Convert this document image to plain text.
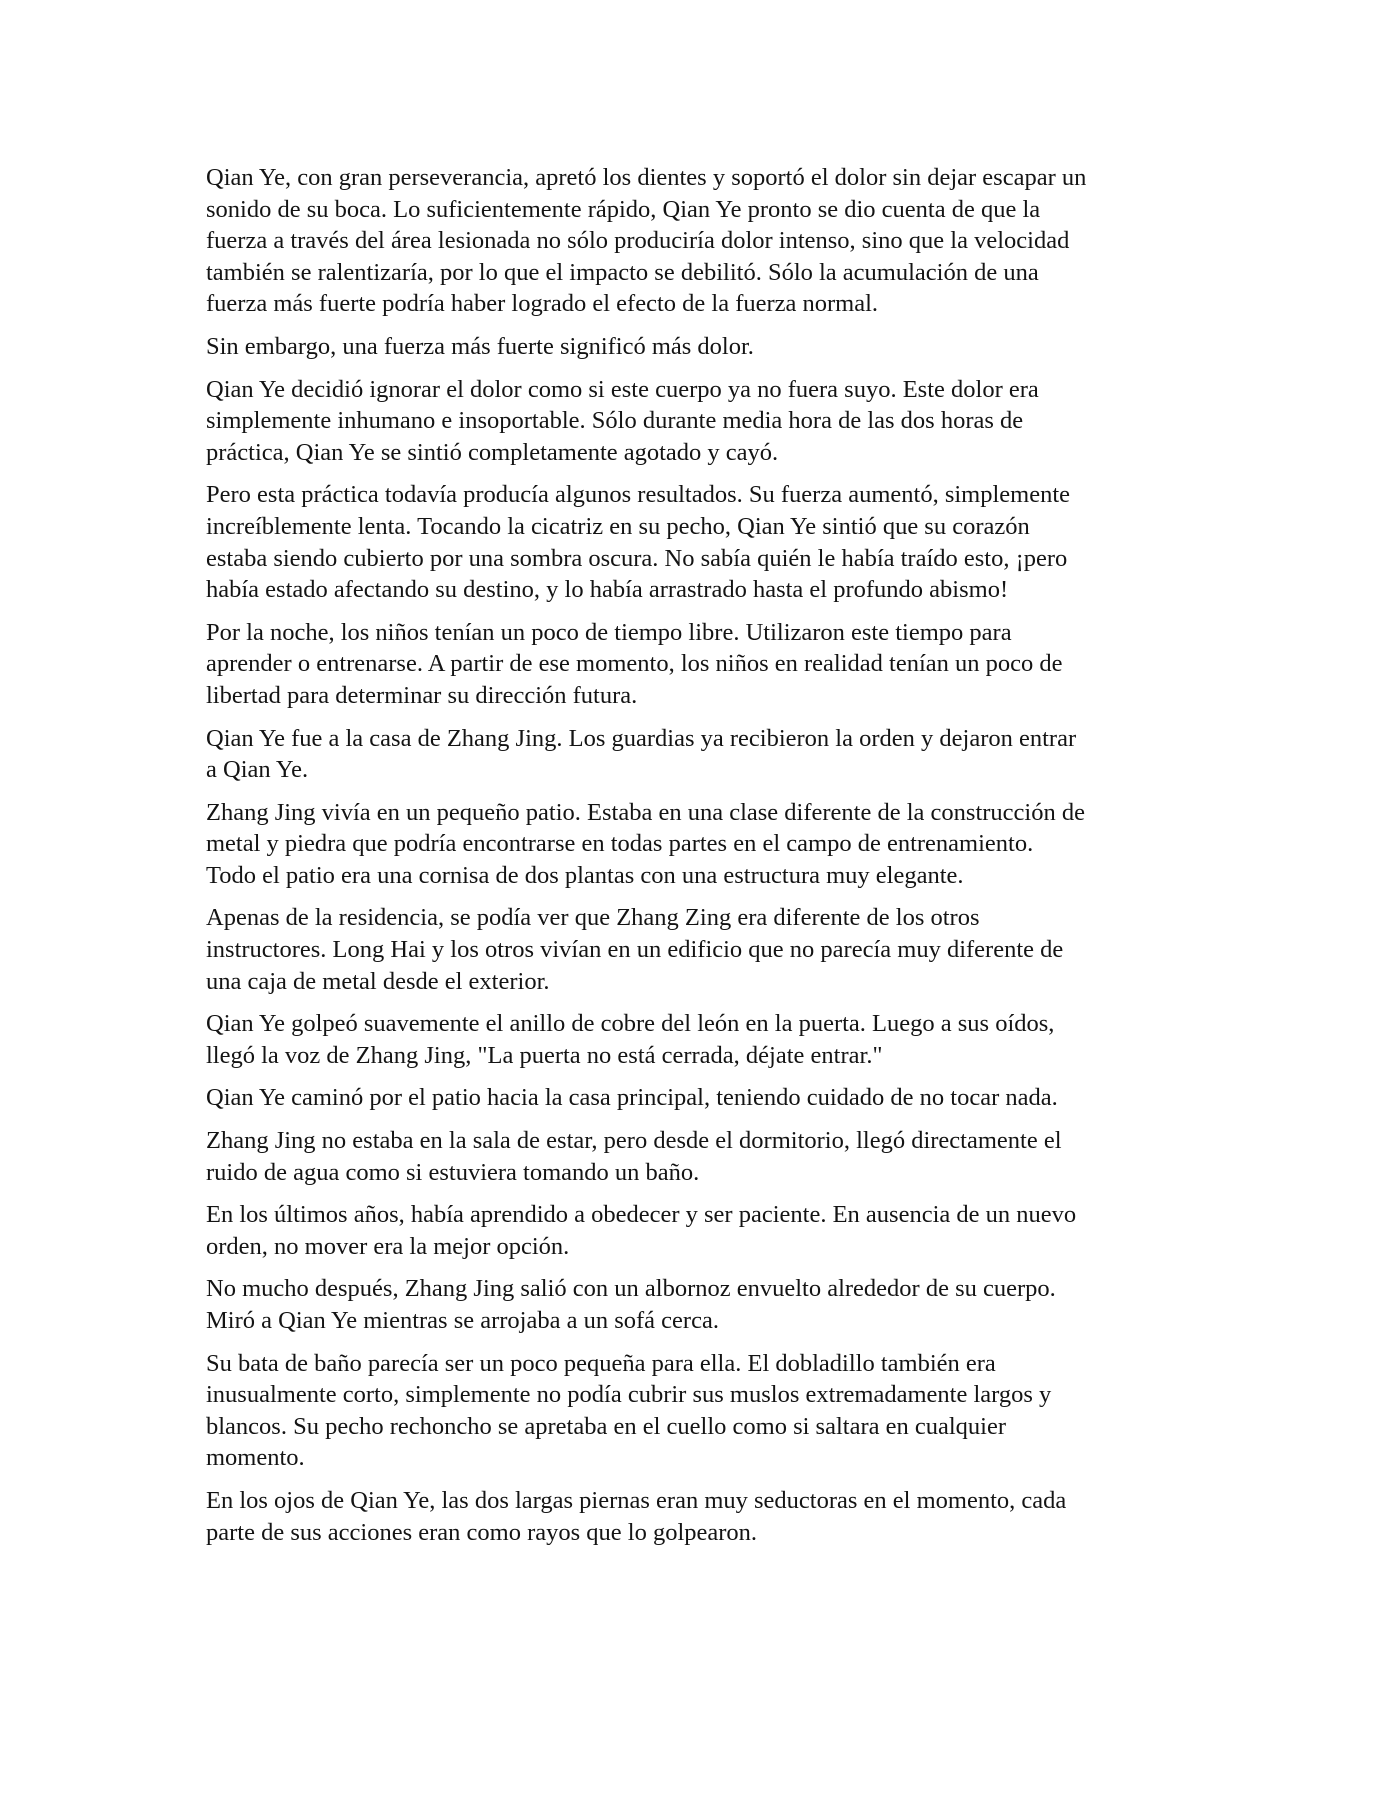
Qian Ye, con gran perseverancia, apretó los dientes y soportó el dolor sin dejar escapar un
sonido de su boca. Lo suficientemente rápido, Qian Ye pronto se dio cuenta de que la
fuerza a través del área lesionada no sólo produciría dolor intenso, sino que la velocidad
también se ralentizaría, por lo que el impacto se debilitó. Sólo la acumulación de una
fuerza más fuerte podría haber logrado el efecto de la fuerza normal.

Sin embargo, una fuerza más fuerte significó más dolor.

Qian Ye decidió ignorar el dolor como si este cuerpo ya no fuera suyo. Este dolor era
simplemente inhumano e insoportable. Sólo durante media hora de las dos horas de
práctica, Qian Ye se sintió completamente agotado y cayó.

Pero esta práctica todavía producía algunos resultados. Su fuerza aumentó, simplemente
increíblemente lenta. Tocando la cicatriz en su pecho, Qian Ye sintió que su corazón
estaba siendo cubierto por una sombra oscura. No sabía quién le había traído esto, ¡pero
había estado afectando su destino, y lo había arrastrado hasta el profundo abismo!

Por la noche, los niños tenían un poco de tiempo libre. Utilizaron este tiempo para
aprender o entrenarse. A partir de ese momento, los niños en realidad tenían un poco de
libertad para determinar su dirección futura.

Qian Ye fue a la casa de Zhang Jing. Los guardias ya recibieron la orden y dejaron entrar
a Qian Ye.

Zhang Jing vivía en un pequeño patio. Estaba en una clase diferente de la construcción de
metal y piedra que podría encontrarse en todas partes en el campo de entrenamiento.
Todo el patio era una cornisa de dos plantas con una estructura muy elegante.

Apenas de la residencia, se podía ver que Zhang Zing era diferente de los otros
instructores. Long Hai y los otros vivían en un edificio que no parecía muy diferente de
una caja de metal desde el exterior.

Qian Ye golpeó suavemente el anillo de cobre del león en la puerta. Luego a sus oídos,
llegó la voz de Zhang Jing, "La puerta no está cerrada, déjate entrar."

Qian Ye caminó por el patio hacia la casa principal, teniendo cuidado de no tocar nada.

Zhang Jing no estaba en la sala de estar, pero desde el dormitorio, llegó directamente el
ruido de agua como si estuviera tomando un baño.

En los últimos años, había aprendido a obedecer y ser paciente. En ausencia de un nuevo
orden, no mover era la mejor opción.

No mucho después, Zhang Jing salió con un albornoz envuelto alrededor de su cuerpo.
Miró a Qian Ye mientras se arrojaba a un sofá cerca.

Su bata de baño parecía ser un poco pequeña para ella. El dobladillo también era
inusualmente corto, simplemente no podía cubrir sus muslos extremadamente largos y
blancos. Su pecho rechoncho se apretaba en el cuello como si saltara en cualquier
momento.

En los ojos de Qian Ye, las dos largas piernas eran muy seductoras en el momento, cada
parte de sus acciones eran como rayos que lo golpearon.
